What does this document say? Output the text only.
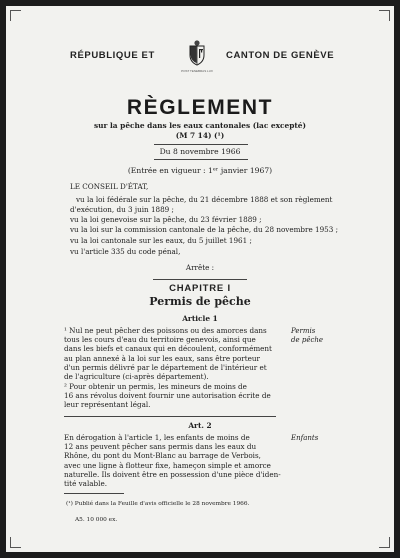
RÉPUBLIQUE ET
POST TENEBRAS LUX
CANTON DE GENÈVE
RÈGLEMENT
sur la pêche dans les eaux cantonales (lac excepté)
(M 7 14) (¹)
Du 8 novembre 1966
(Entrée en vigueur : 1ᵉʳ janvier 1967)
LE CONSEIL D'ÉTAT,
vu la loi fédérale sur la pêche, du 21 décembre 1888 et son règlement
d'exécution, du 3 juin 1889 ;
vu la loi genevoise sur la pêche, du 23 février 1889 ;
vu la loi sur la commission cantonale de la pêche, du 28 novembre 1953 ;
vu la loi cantonale sur les eaux, du 5 juillet 1961 ;
vu l'article 335 du code pénal,
Arrête :
CHAPITRE I
Permis de pêche
Article 1
¹ Nul ne peut pêcher des poissons ou des amorces dans
tous les cours d'eau du territoire genevois, ainsi que
dans les biefs et canaux qui en découlent, conformément
au plan annexé à la loi sur les eaux, sans être porteur
d'un permis délivré par le département de l'intérieur et
de l'agriculture (ci-après département).
Permis
de pêche
² Pour obtenir un permis, les mineurs de moins de
16 ans révolus doivent fournir une autorisation écrite de
leur représentant légal.
Art. 2
En dérogation à l'article 1, les enfants de moins de
12 ans peuvent pêcher sans permis dans les eaux du
Rhône, du pont du Mont-Blanc au barrage de Verbois,
avec une ligne à flotteur fixe, hameçon simple et amorce
naturelle. Ils doivent être en possession d'une pièce d'iden-
tité valable.
Enfants
(¹) Publié dans la Feuille d'avis officielle le 28 novembre 1966.
A5. 10 000 ex.
